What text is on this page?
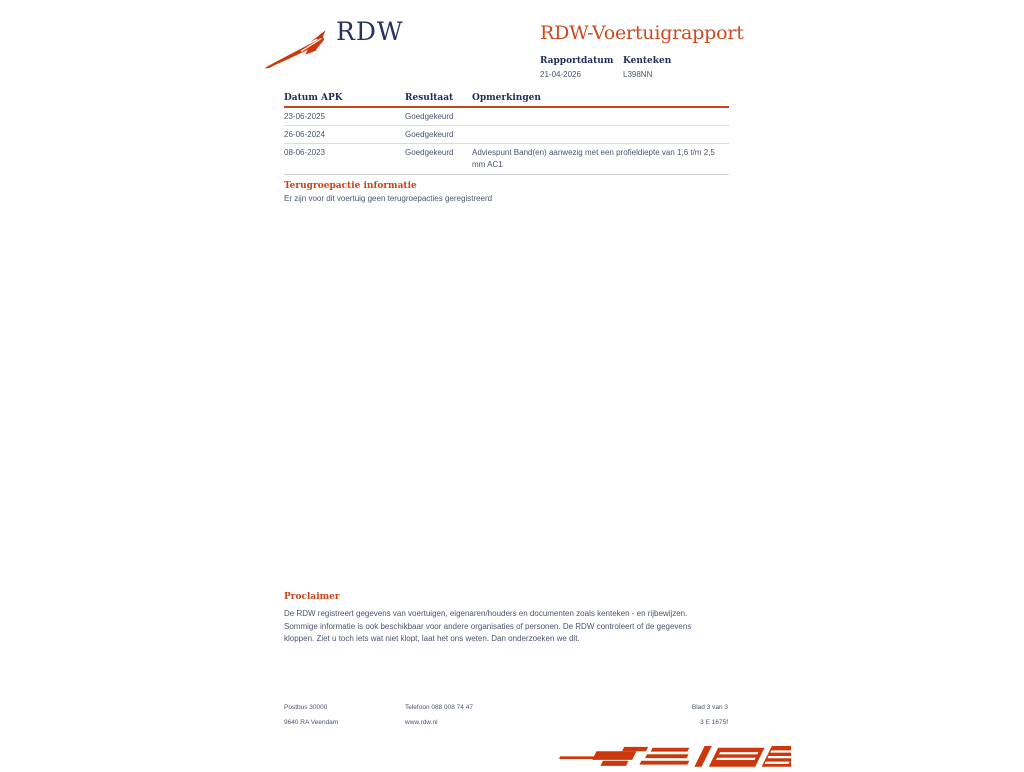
RDW	RDW-Voertuigrapport
Rapportdatum
21-04-2026
Kenteken
L398NN
Datum APK	Resultaat	Opmerkingen
23-06-2025	Goedgekeurd
26-06-2024	Goedgekeurd
08-06-2023	Goedgekeurd	Adviespunt Band(en) aanwezig met een profieldiepte van 1,6 t/m 2,5 mm AC1
Terugroepactie informatie
Er zijn voor dit voertuig geen terugroepacties geregistreerd
Proclaimer
De RDW registreert gegevens van voertuigen, eigenaren/houders en documenten zoals kenteken - en rijbewijzen. Sommige informatie is ook beschikbaar voor andere organisaties of personen. De RDW controleert of de gegevens kloppen. Ziet u toch iets wat niet klopt, laat het ons weten. Dan onderzoeken we dit.
Postbus 30000
9640 RA Veendam
Telefoon 088 008 74 47
www.rdw.nl
Blad 3 van 3
3 E 1675f
